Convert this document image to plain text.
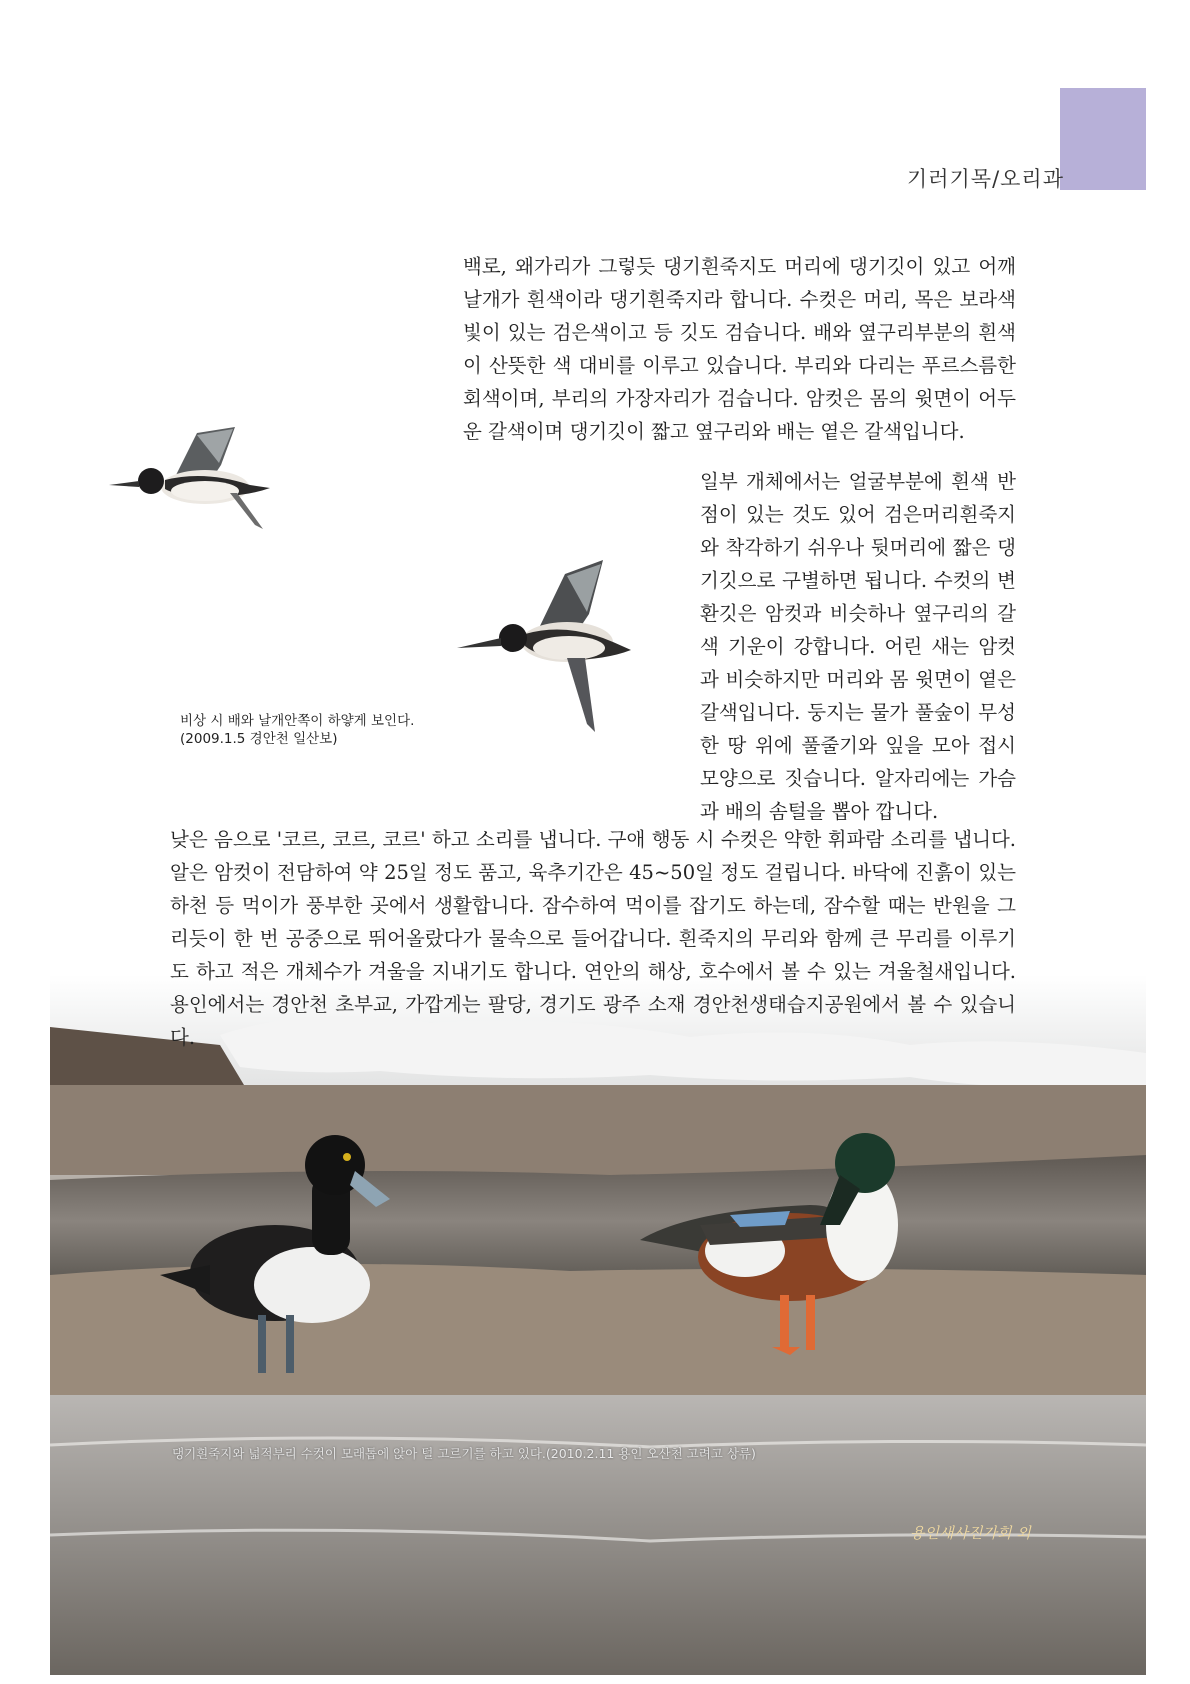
기러기목/오리과

백로, 왜가리가 그렇듯 댕기흰죽지도 머리에 댕기깃이 있고 어깨날개가 흰색이라 댕기흰죽지라 합니다. 수컷은 머리, 목은 보라색 빛이 있는 검은색이고 등 깃도 검습니다. 배와 옆구리부분의 흰색이 산뜻한 색 대비를 이루고 있습니다. 부리와 다리는 푸르스름한 회색이며, 부리의 가장자리가 검습니다. 암컷은 몸의 윗면이 어두운 갈색이며 댕기깃이 짧고 옆구리와 배는 옅은 갈색입니다.

비상 시 배와 날개안쪽이 하얗게 보인다.
(2009.1.5 경안천 일산보)

일부 개체에서는 얼굴부분에 흰색 반점이 있는 것도 있어 검은머리흰죽지와 착각하기 쉬우나 뒷머리에 짧은 댕기깃으로 구별하면 됩니다. 수컷의 변환깃은 암컷과 비슷하나 옆구리의 갈색 기운이 강합니다. 어린 새는 암컷과 비슷하지만 머리와 몸 윗면이 옅은 갈색입니다. 둥지는 물가 풀숲이 무성한 땅 위에 풀줄기와 잎을 모아 접시모양으로 짓습니다. 알자리에는 가슴과 배의 솜털을 뽑아 깝니다.

낮은 음으로 '코르, 코르, 코르' 하고 소리를 냅니다. 구애 행동 시 수컷은 약한 휘파람 소리를 냅니다. 알은 암컷이 전담하여 약 25일 정도 품고, 육추기간은 45~50일 정도 걸립니다. 바닥에 진흙이 있는 하천 등 먹이가 풍부한 곳에서 생활합니다. 잠수하여 먹이를 잡기도 하는데, 잠수할 때는 반원을 그리듯이 한 번 공중으로 뛰어올랐다가 물속으로 들어갑니다. 흰죽지의 무리와 함께 큰 무리를 이루기도 하고 적은 개체수가 겨울을 지내기도 합니다. 연안의 해상, 호수에서 볼 수 있는 겨울철새입니다. 용인에서는 경안천 초부교, 가깝게는 팔당, 경기도 광주 소재 경안천생태습지공원에서 볼 수 있습니다.

댕기흰죽지와 넓적부리 수컷이 모래톱에 앉아 털 고르기를 하고 있다.(2010.2.11 용인 오산천 고려고 상류)
용인새사진가회 외
